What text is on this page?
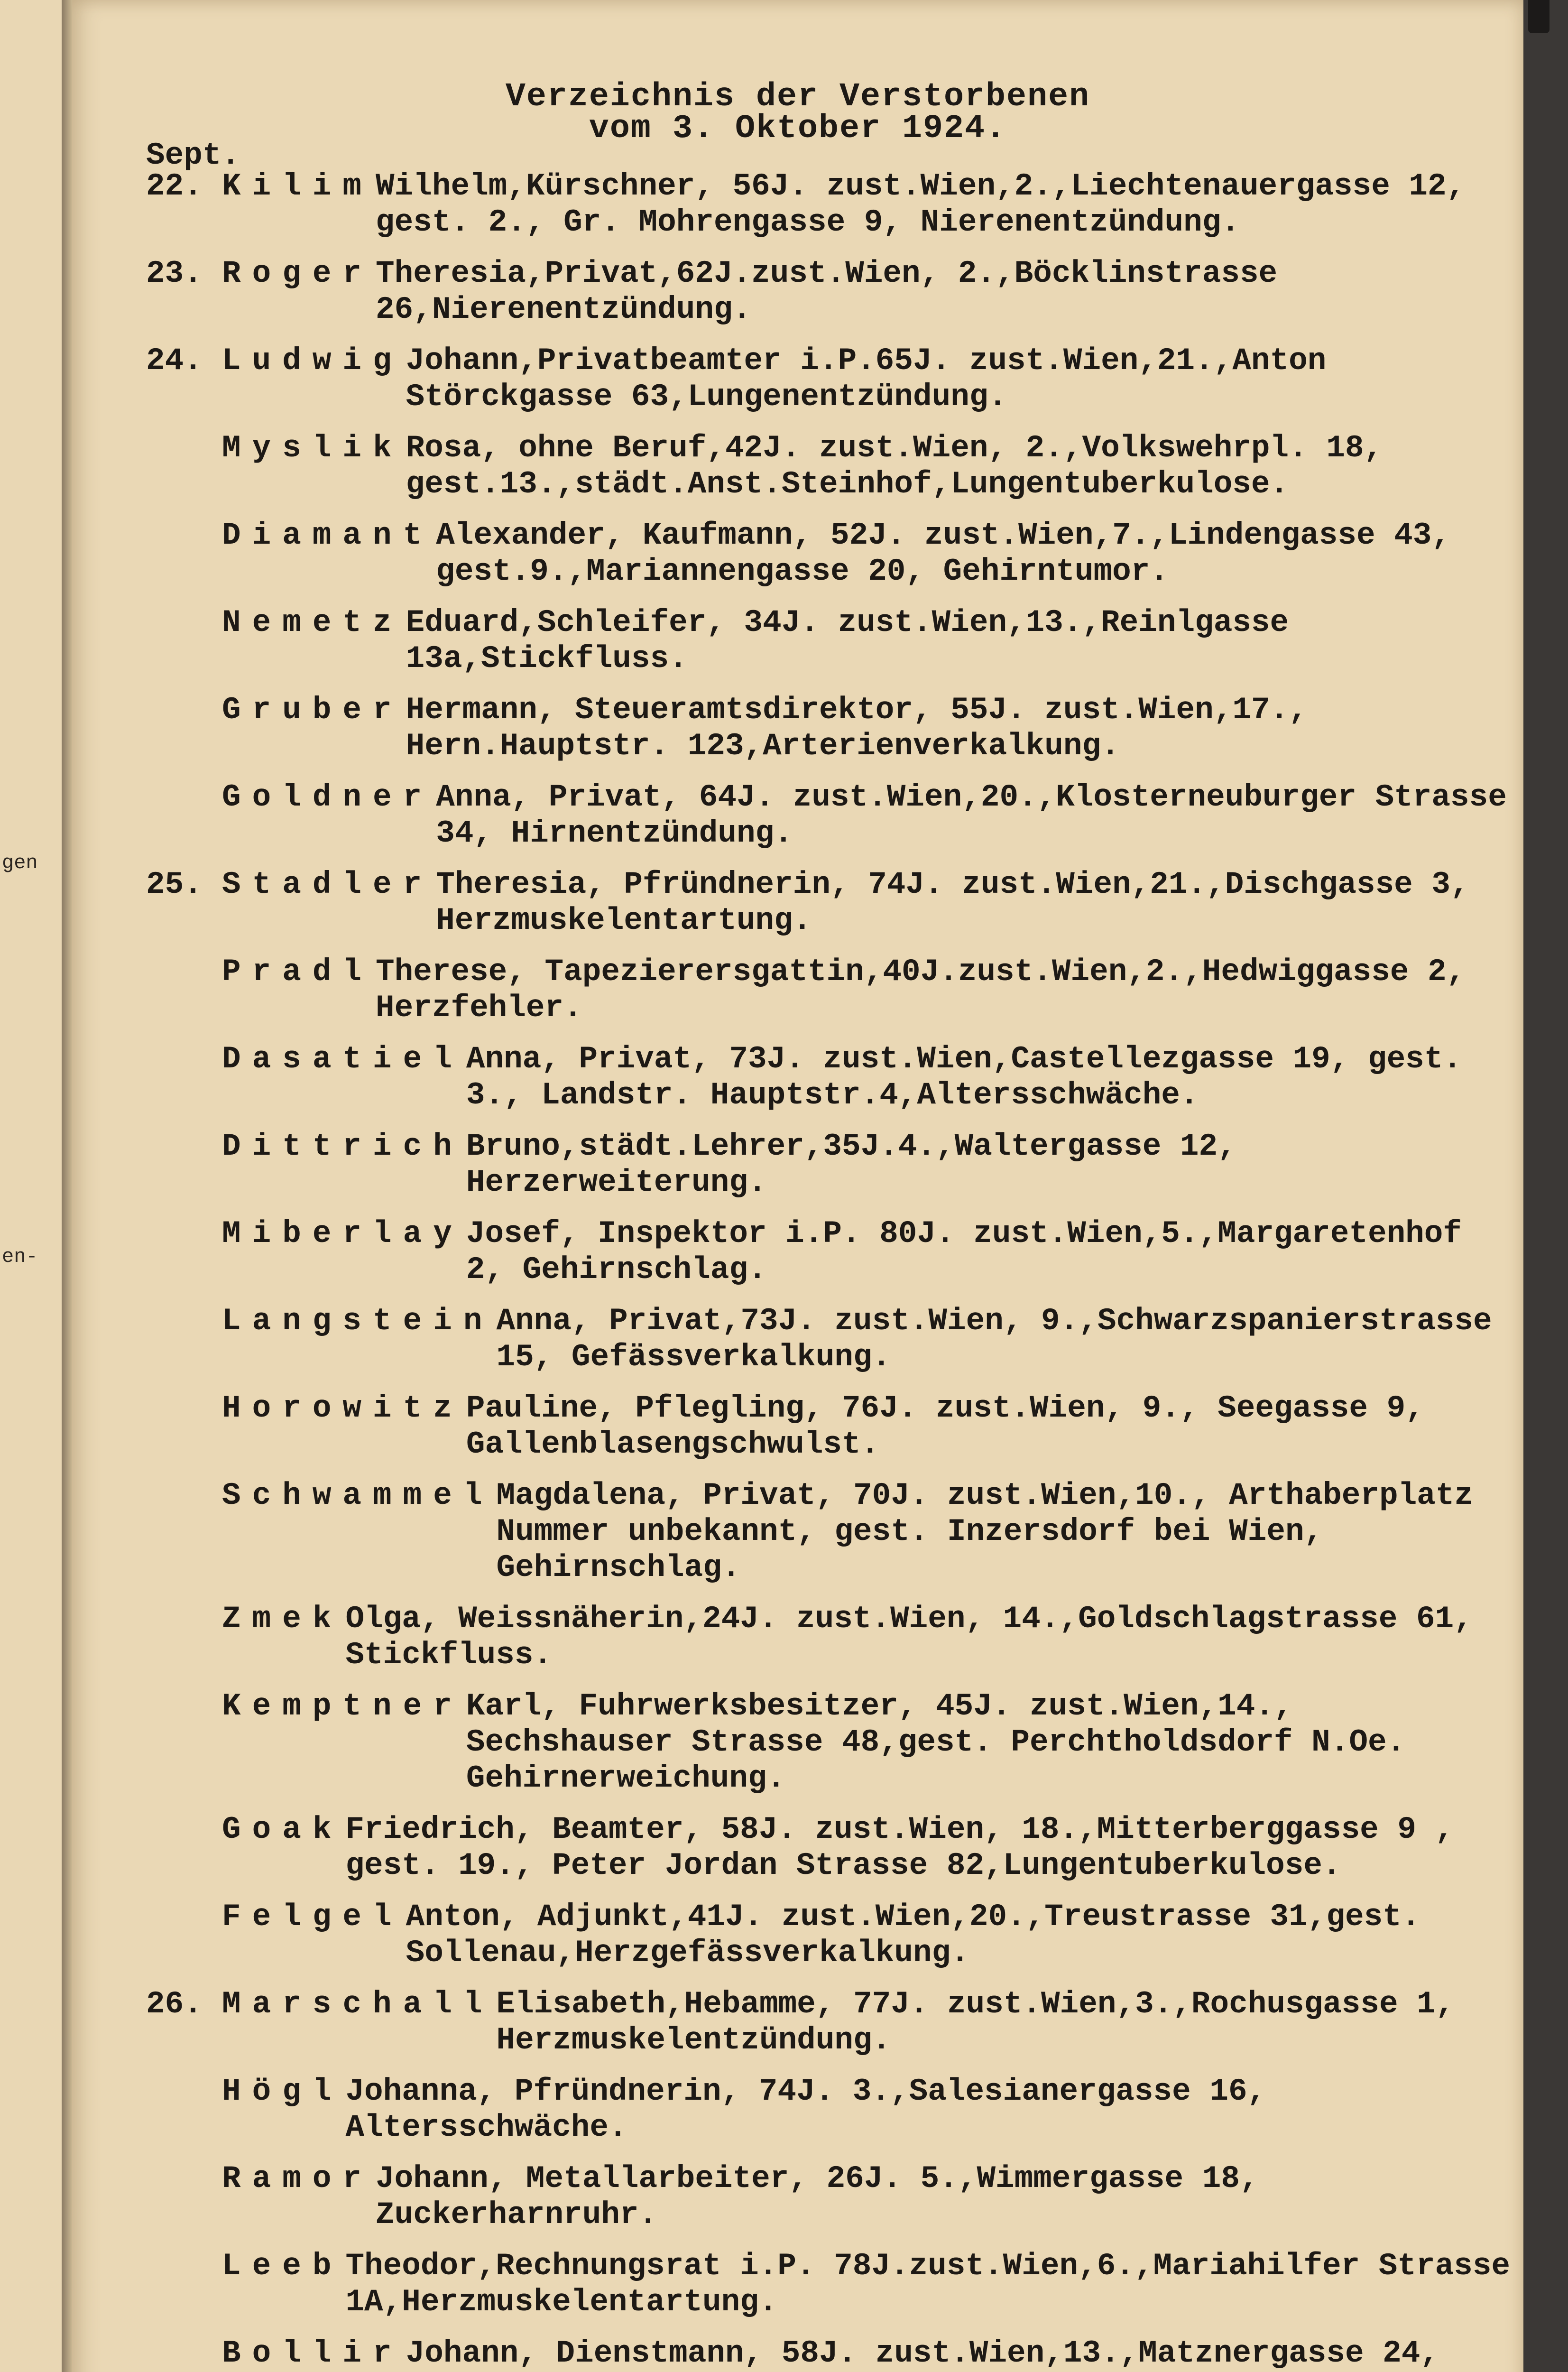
gen
en-
Verzeichnis der Verstorbenen
vom 3. Oktober 1924.
Sept.
22. Kilim Wilhelm,Kürschner, 56J. zust.Wien,2.,Liechtenauergasse 12, gest. 2., Gr. Mohrengasse 9, Nierenentzündung.
23. Roger Theresia,Privat,62J.zust.Wien, 2.,Böcklinstrasse 26,Nierenentzündung.
24. Ludwig Johann,Privatbeamter i.P.65J. zust.Wien,21.,Anton Störckgasse 63,Lungenentzündung.
Myslik Rosa, ohne Beruf,42J. zust.Wien, 2.,Volkswehrpl. 18, gest.13.,städt.Anst.Steinhof,Lungentuberkulose.
Diamant Alexander, Kaufmann, 52J. zust.Wien,7.,Lindengasse 43, gest.9.,Mariannengasse 20, Gehirntumor.
Nemetz Eduard,Schleifer, 34J. zust.Wien,13.,Reinlgasse 13a,Stickfluss.
Gruber Hermann, Steueramtsdirektor, 55J. zust.Wien,17., Hern.Hauptstr. 123,Arterienverkalkung.
Goldner Anna, Privat, 64J. zust.Wien,20.,Klosterneuburger Strasse 34, Hirnentzündung.
25. Stadler Theresia, Pfründnerin, 74J. zust.Wien,21.,Dischgasse 3, Herzmuskelentartung.
Pradl Therese, Tapezierersgattin,40J.zust.Wien,2.,Hedwiggasse 2, Herzfehler.
Dasatiel Anna, Privat, 73J. zust.Wien,Castellezgasse 19, gest. 3., Landstr. Hauptstr.4,Altersschwäche.
Dittrich Bruno,städt.Lehrer,35J.4.,Waltergasse 12, Herzerweiterung.
Miberlay Josef, Inspektor i.P. 80J. zust.Wien,5.,Margaretenhof 2, Gehirnschlag.
Langstein Anna, Privat,73J. zust.Wien, 9.,Schwarzspanierstrasse 15, Gefässverkalkung.
Horowitz Pauline, Pflegling, 76J. zust.Wien, 9., Seegasse 9, Gallenblasengschwulst.
Schwammel Magdalena, Privat, 70J. zust.Wien,10., Arthaberplatz Nummer unbekannt, gest. Inzersdorf bei Wien, Gehirnschlag.
Zmek Olga, Weissnäherin,24J. zust.Wien, 14.,Goldschlagstrasse 61, Stickfluss.
Kemptner Karl, Fuhrwerksbesitzer, 45J. zust.Wien,14., Sechshauser Strasse 48,gest. Perchtholdsdorf N.Oe. Gehirnerweichung.
Goak Friedrich, Beamter, 58J. zust.Wien, 18.,Mitterberggasse 9 , gest. 19., Peter Jordan Strasse 82,Lungentuberkulose.
Felgel Anton, Adjunkt,41J. zust.Wien,20.,Treustrasse 31,gest. Sollenau,Herzgefässverkalkung.
26. Marschall Elisabeth,Hebamme, 77J. zust.Wien,3.,Rochusgasse 1, Herzmuskelentzündung.
Högl Johanna, Pfründnerin, 74J. 3.,Salesianergasse 16, Altersschwäche.
Ramor Johann, Metallarbeiter, 26J. 5.,Wimmergasse 18, Zuckerharnruhr.
Leeb Theodor,Rechnungsrat i.P. 78J.zust.Wien,6.,Mariahilfer Strasse 1A,Herzmuskelentartung.
Bollir Johann, Dienstmann, 58J. zust.Wien,13.,Matznergasse 24,
